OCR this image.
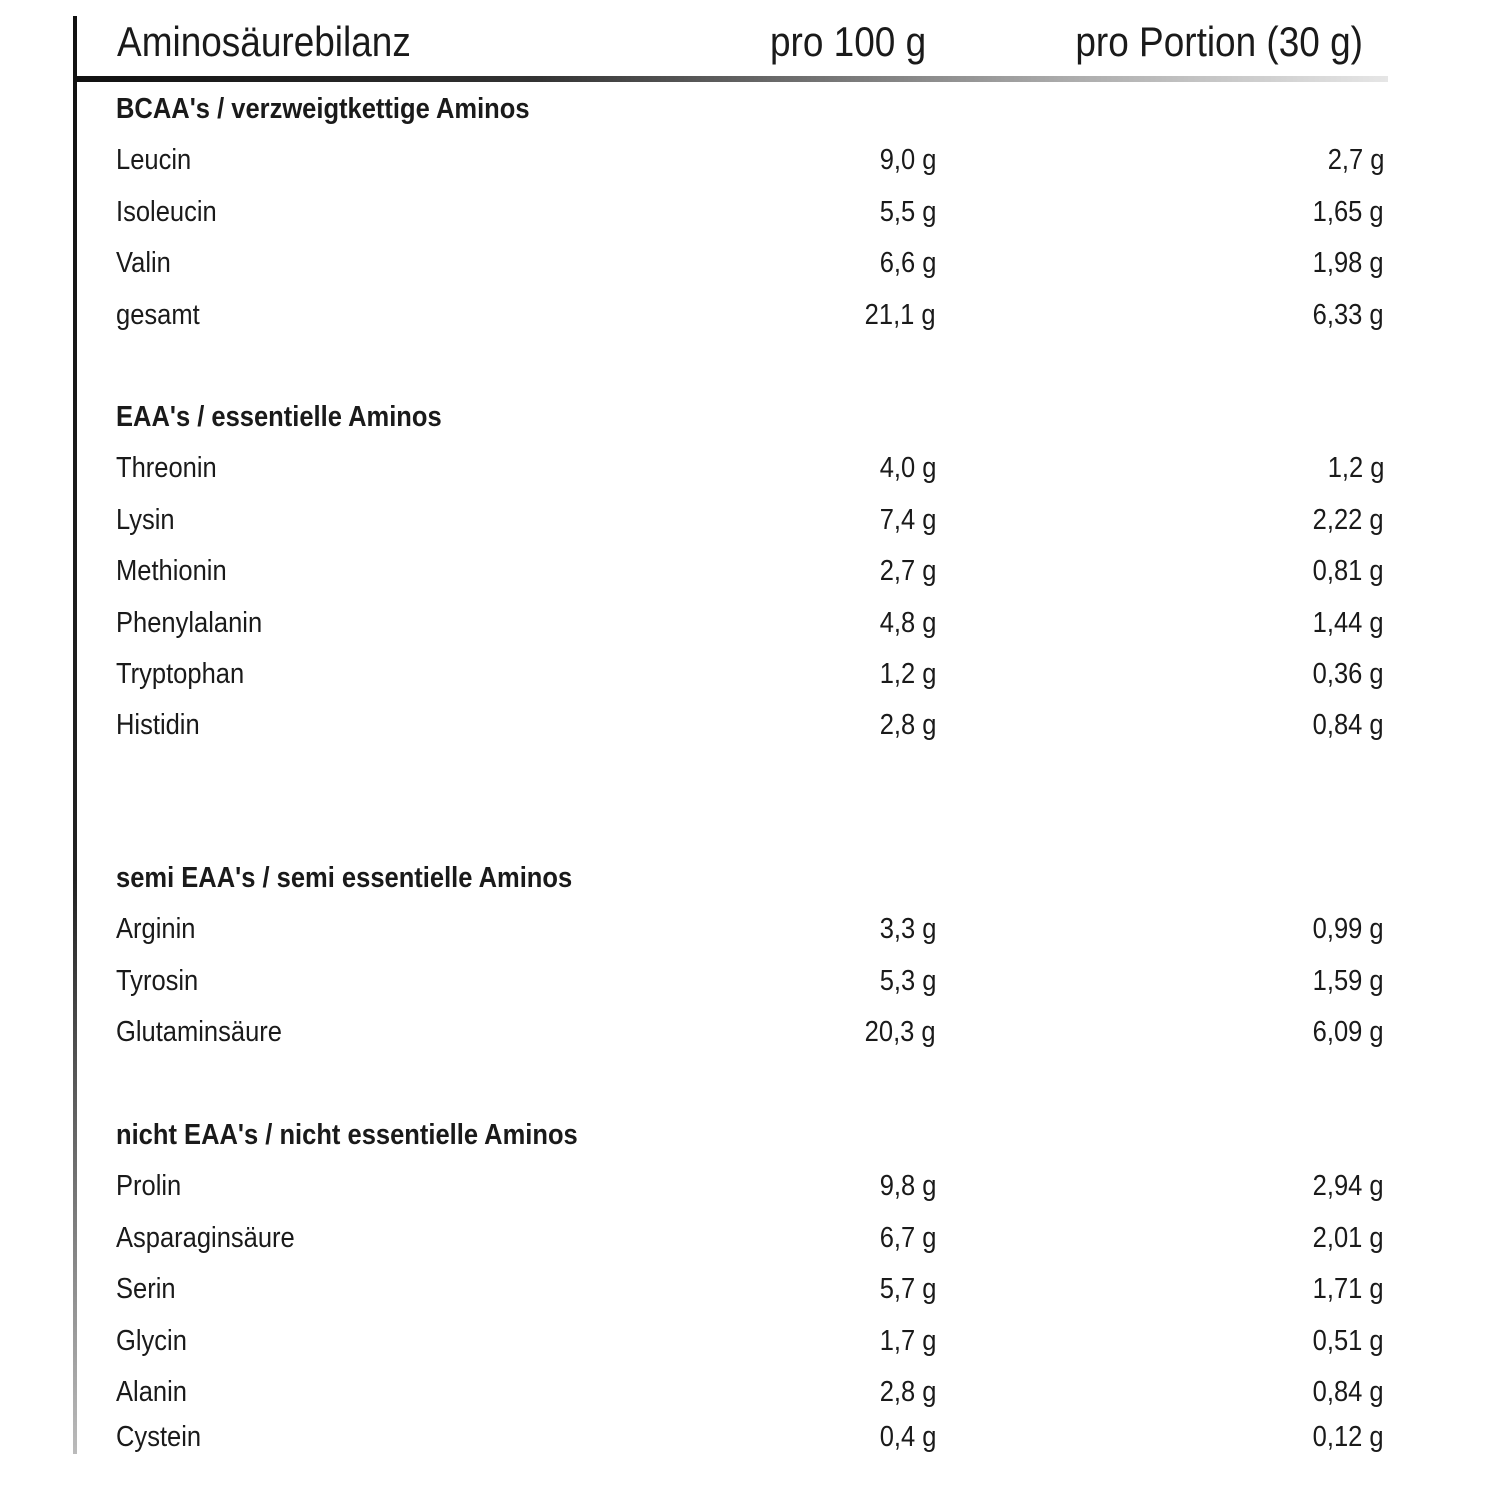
Aminosäurebilanz	pro 100 g	pro Portion (30 g)
BCAA's / verzweigtkettige Aminos
Leucin	9,0 g	2,7 g
Isoleucin	5,5 g	1,65 g
Valin	6,6 g	1,98 g
gesamt	21,1 g	6,33 g
EAA's / essentielle Aminos
Threonin	4,0 g	1,2 g
Lysin	7,4 g	2,22 g
Methionin	2,7 g	0,81 g
Phenylalanin	4,8 g	1,44 g
Tryptophan	1,2 g	0,36 g
Histidin	2,8 g	0,84 g
semi EAA's / semi essentielle Aminos
Arginin	3,3 g	0,99 g
Tyrosin	5,3 g	1,59 g
Glutaminsäure	20,3 g	6,09 g
nicht EAA's / nicht essentielle Aminos
Prolin	9,8 g	2,94 g
Asparaginsäure	6,7 g	2,01 g
Serin	5,7 g	1,71 g
Glycin	1,7 g	0,51 g
Alanin	2,8 g	0,84 g
Cystein	0,4 g	0,12 g
